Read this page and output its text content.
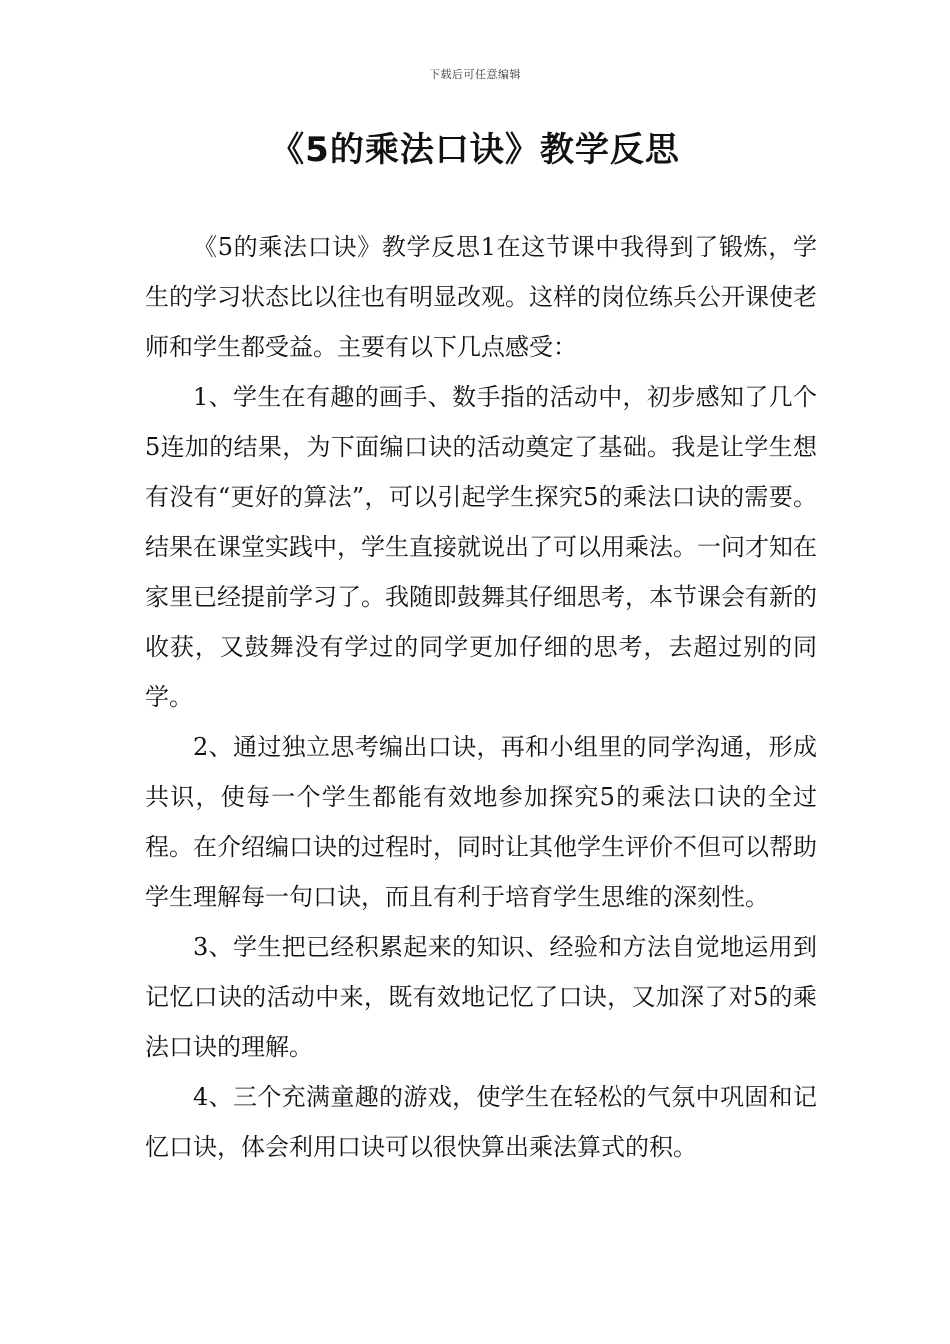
下载后可任意编辑
《5的乘法口诀》教学反思

《5的乘法口诀》教学反思1在这节课中我得到了锻炼，学生的学习状态比以往也有明显改观。这样的岗位练兵公开课使老师和学生都受益。主要有以下几点感受：

1、学生在有趣的画手、数手指的活动中，初步感知了几个5连加的结果，为下面编口诀的活动奠定了基础。我是让学生想有没有“更好的算法”，可以引起学生探究5的乘法口诀的需要。结果在课堂实践中，学生直接就说出了可以用乘法。一问才知在家里已经提前学习了。我随即鼓舞其仔细思考，本节课会有新的收获，又鼓舞没有学过的同学更加仔细的思考，去超过别的同学。

2、通过独立思考编出口诀，再和小组里的同学沟通，形成共识，使每一个学生都能有效地参加探究5的乘法口诀的全过程。在介绍编口诀的过程时，同时让其他学生评价不但可以帮助学生理解每一句口诀，而且有利于培育学生思维的深刻性。

3、学生把已经积累起来的知识、经验和方法自觉地运用到记忆口诀的活动中来，既有效地记忆了口诀，又加深了对5的乘法口诀的理解。

4、三个充满童趣的游戏，使学生在轻松的气氛中巩固和记忆口诀，体会利用口诀可以很快算出乘法算式的积。
